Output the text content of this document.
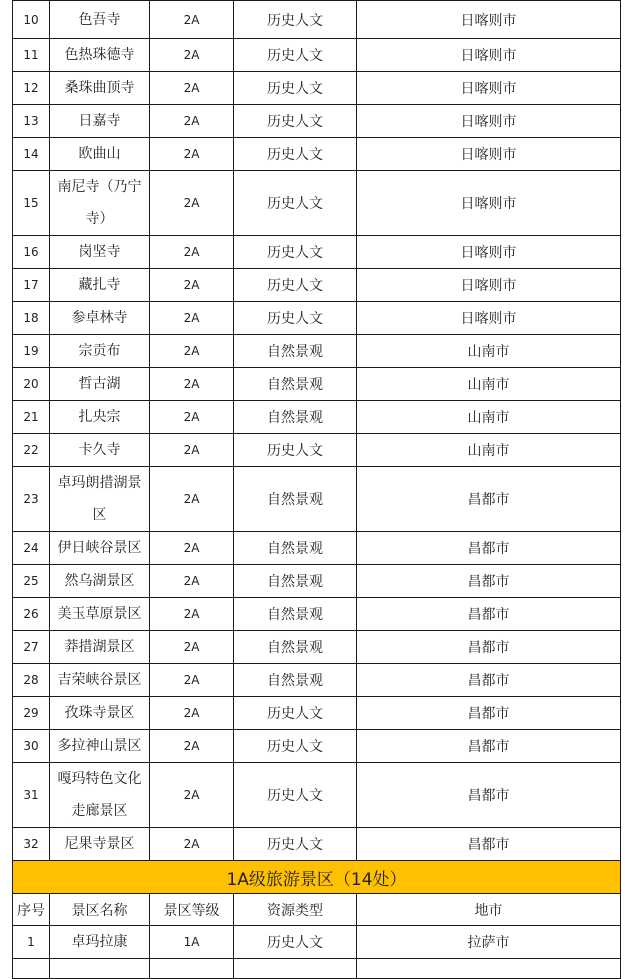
10	色吾寺	2A	历史人文	日喀则市
11	色热珠德寺	2A	历史人文	日喀则市
12	桑珠曲顶寺	2A	历史人文	日喀则市
13	日嘉寺	2A	历史人文	日喀则市
14	欧曲山	2A	历史人文	日喀则市
15	南尼寺（乃宁寺）	2A	历史人文	日喀则市
16	岗坚寺	2A	历史人文	日喀则市
17	藏扎寺	2A	历史人文	日喀则市
18	参卓林寺	2A	历史人文	日喀则市
19	宗贡布	2A	自然景观	山南市
20	哲古湖	2A	自然景观	山南市
21	扎央宗	2A	自然景观	山南市
22	卡久寺	2A	历史人文	山南市
23	卓玛朗措湖景区	2A	自然景观	昌都市
24	伊日峡谷景区	2A	自然景观	昌都市
25	然乌湖景区	2A	自然景观	昌都市
26	美玉草原景区	2A	自然景观	昌都市
27	莽措湖景区	2A	自然景观	昌都市
28	吉荣峡谷景区	2A	自然景观	昌都市
29	孜珠寺景区	2A	历史人文	昌都市
30	多拉神山景区	2A	历史人文	昌都市
31	嘎玛特色文化走廊景区	2A	历史人文	昌都市
32	尼果寺景区	2A	历史人文	昌都市
1A级旅游景区（14处）				
序号	景区名称	景区等级	资源类型	地市
1	卓玛拉康	1A	历史人文	拉萨市
